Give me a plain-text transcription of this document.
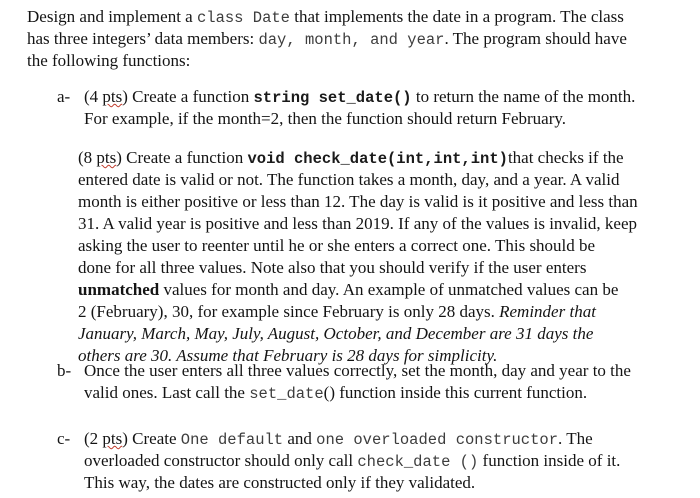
Design and implement a class Date that implements the date in a program. The class
has three integers’ data members: day, month, and year. The program should have
the following functions:
a- (4 pts) Create a function string set_date() to return the name of the month.
For example, if the month=2, then the function should return February.
(8 pts) Create a function void check_date(int,int,int)that checks if the
entered date is valid or not. The function takes a month, day, and a year. A valid
month is either positive or less than 12. The day is valid is it positive and less than
31. A valid year is positive and less than 2019. If any of the values is invalid, keep
asking the user to reenter until he or she enters a correct one. This should be
done for all three values. Note also that you should verify if the user enters
unmatched values for month and day. An example of unmatched values can be
2 (February), 30, for example since February is only 28 days. Reminder that
January, March, May, July, August, October, and December are 31 days the
others are 30. Assume that February is 28 days for simplicity.
b- Once the user enters all three values correctly, set the month, day and year to the
valid ones. Last call the set_date() function inside this current function.
c- (2 pts) Create One default and one overloaded constructor. The
overloaded constructor should only call check_date () function inside of it.
This way, the dates are constructed only if they validated.
